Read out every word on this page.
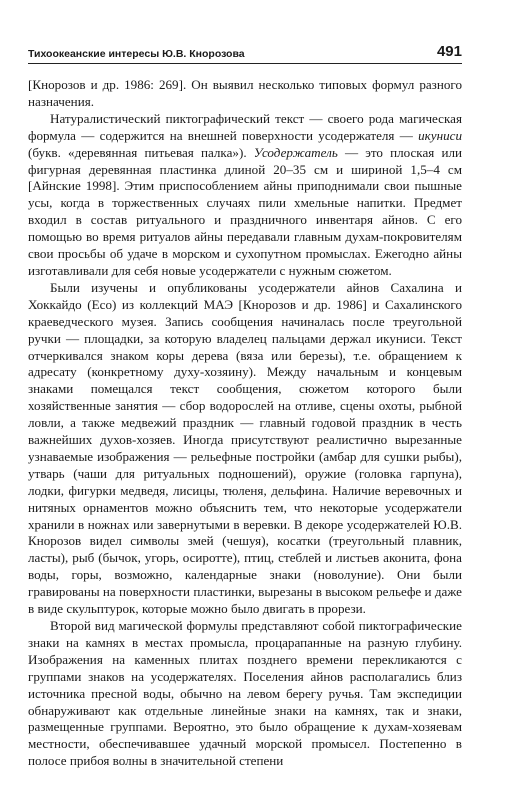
Тихоокеанские интересы Ю.В. Кнорозова	491

[Кнорозов и др. 1986: 269]. Он выявил несколько типовых формул разного назначения.

Натуралистический пиктографический текст — своего рода магическая формула — содержится на внешней поверхности усодержателя — икуниси (букв. «деревянная питьевая палка»). Усодержатель — это плоская или фигурная деревянная пластинка длиной 20–35 см и шириной 1,5–4 см [Айнские 1998]. Этим приспособлением айны приподнимали свои пышные усы, когда в торжественных случаях пили хмельные напитки. Предмет входил в состав ритуального и праздничного инвентаря айнов. С его помощью во время ритуалов айны передавали главным духам-покровителям свои просьбы об удаче в морском и сухопутном промыслах. Ежегодно айны изготавливали для себя новые усодержатели с нужным сюжетом.

Были изучены и опубликованы усодержатели айнов Сахалина и Хоккайдо (Есо) из коллекций МАЭ [Кнорозов и др. 1986] и Сахалинского краеведческого музея. Запись сообщения начиналась после треугольной ручки — площадки, за которую владелец пальцами держал икуниси. Текст отчеркивался знаком коры дерева (вяза или березы), т.е. обращением к адресату (конкретному духу-хозяину). Между начальным и концевым знаками помещался текст сообщения, сюжетом которого были хозяйственные занятия — сбор водорослей на отливе, сцены охоты, рыбной ловли, а также медвежий праздник — главный годовой праздник в честь важнейших духов-хозяев. Иногда присутствуют реалистично вырезанные узнаваемые изображения — рельефные постройки (амбар для сушки рыбы), утварь (чаши для ритуальных подношений), оружие (головка гарпуна), лодки, фигурки медведя, лисицы, тюленя, дельфина. Наличие веревочных и нитяных орнаментов можно объяснить тем, что некоторые усодержатели хранили в ножнах или завернутыми в веревки. В декоре усодержателей Ю.В. Кнорозов видел символы змей (чешуя), косатки (треугольный плавник, ласты), рыб (бычок, угорь, осиротте), птиц, стеблей и листьев аконита, фона воды, горы, возможно, календарные знаки (новолуние). Они были гравированы на поверхности пластинки, вырезаны в высоком рельефе и даже в виде скульптурок, которые можно было двигать в прорези.

Второй вид магической формулы представляют собой пиктографические знаки на камнях в местах промысла, процарапанные на разную глубину. Изображения на каменных плитах позднего времени перекликаются с группами знаков на усодержателях. Поселения айнов располагались близ источника пресной воды, обычно на левом берегу ручья. Там экспедиции обнаруживают как отдельные линейные знаки на камнях, так и знаки, размещенные группами. Вероятно, это было обращение к духам-хозяевам местности, обеспечивавшее удачный морской промысел. Постепенно в полосе прибоя волны в значительной степени
